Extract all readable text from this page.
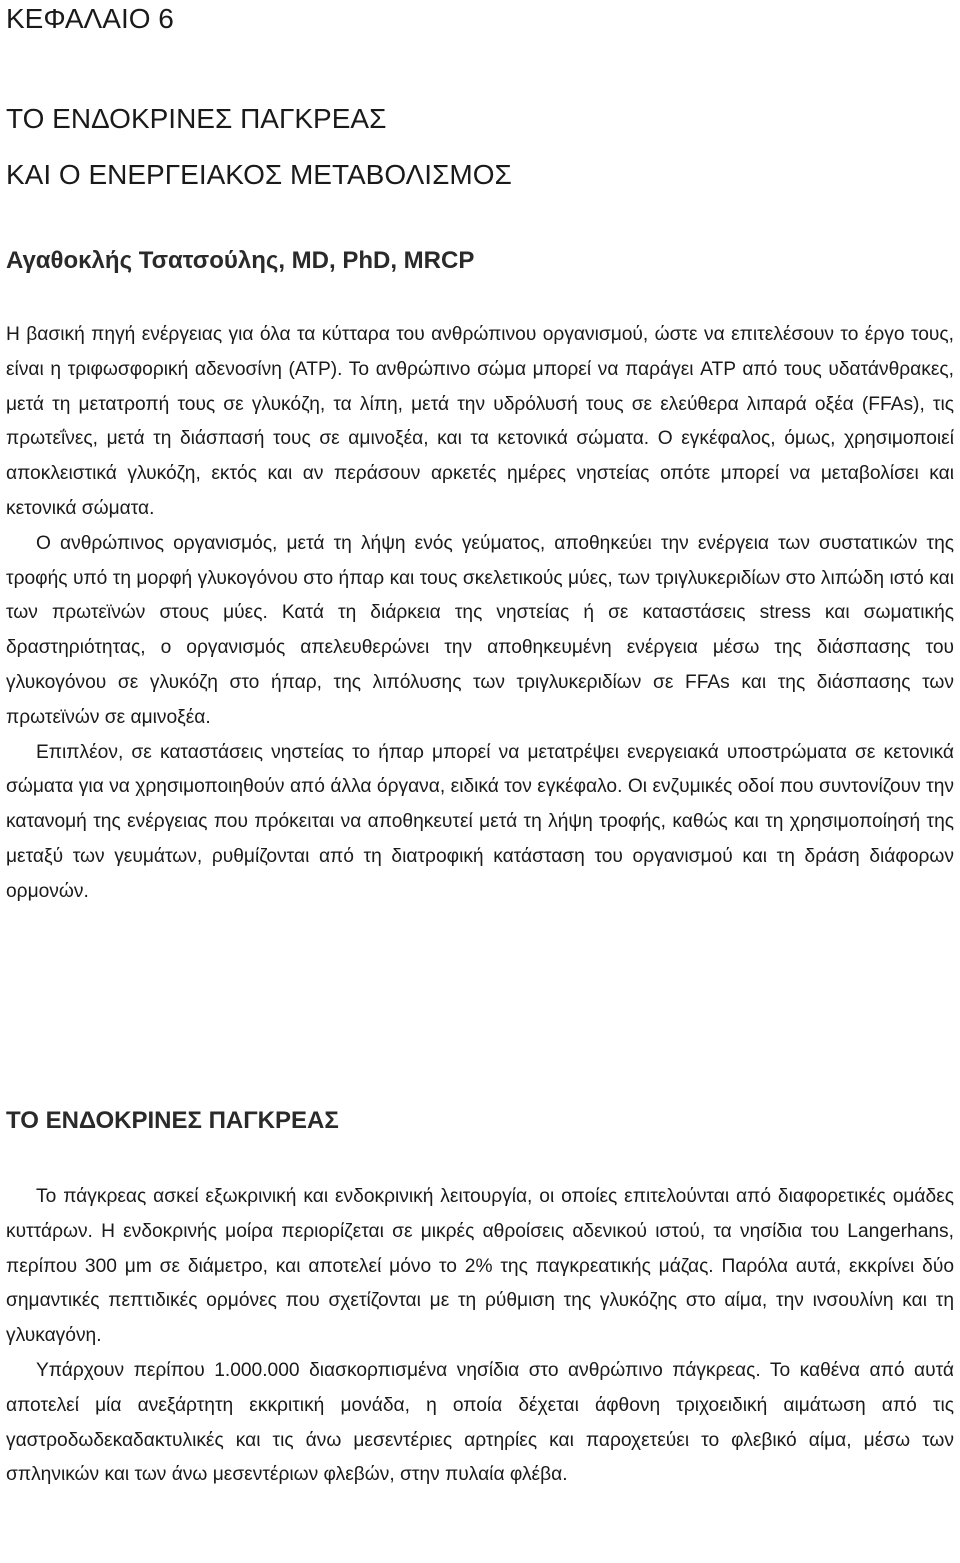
ΚΕΦΑΛΑΙΟ 6
ΤΟ ΕΝΔΟΚΡΙΝΕΣ ΠΑΓΚΡΕΑΣ
ΚΑΙ Ο ΕΝΕΡΓΕΙΑΚΟΣ ΜΕΤΑΒΟΛΙΣΜΟΣ
Αγαθοκλής Τσατσούλης, MD, PhD, MRCP

Η βασική πηγή ενέργειας για όλα τα κύτταρα του ανθρώπινου οργανισμού, ώστε να επιτελέσουν το έργο τους, είναι η τριφωσφορική αδενοσίνη (ATP). Το ανθρώπινο σώμα μπορεί να παράγει ATP από τους υδατάνθρακες, μετά τη μετατροπή τους σε γλυκόζη, τα λίπη, μετά την υδρόλυσή τους σε ελεύθερα λιπαρά οξέα (FFAs), τις πρωτεΐνες, μετά τη διάσπασή τους σε αμινοξέα, και τα κετονικά σώματα. Ο εγκέφαλος, όμως, χρησιμοποιεί αποκλειστικά γλυκόζη, εκτός και αν περάσουν αρκετές ημέρες νηστείας οπότε μπορεί να μεταβολίσει και κετονικά σώματα.

Ο ανθρώπινος οργανισμός, μετά τη λήψη ενός γεύματος, αποθηκεύει την ενέργεια των συστατικών της τροφής υπό τη μορφή γλυκογόνου στο ήπαρ και τους σκελετικούς μύες, των τριγλυκεριδίων στο λιπώδη ιστό και των πρωτεϊνών στους μύες. Κατά τη διάρκεια της νηστείας ή σε καταστάσεις stress και σωματικής δραστηριότητας, ο οργανισμός απελευθερώνει την αποθηκευμένη ενέργεια μέσω της διάσπασης του γλυκογόνου σε γλυκόζη στο ήπαρ, της λιπόλυσης των τριγλυκεριδίων σε FFAs και της διάσπασης των πρωτεϊνών σε αμινοξέα.

Επιπλέον, σε καταστάσεις νηστείας το ήπαρ μπορεί να μετατρέψει ενεργειακά υποστρώματα σε κετονικά σώματα για να χρησιμοποιηθούν από άλλα όργανα, ειδικά τον εγκέφαλο. Οι ενζυμικές οδοί που συντονίζουν την κατανομή της ενέργειας που πρόκειται να αποθηκευτεί μετά τη λήψη τροφής, καθώς και τη χρησιμοποίησή της μεταξύ των γευμάτων, ρυθμίζονται από τη διατροφική κατάσταση του οργανισμού και τη δράση διάφορων ορμονών.

ΤΟ ΕΝΔΟΚΡΙΝΕΣ ΠΑΓΚΡΕΑΣ

Το πάγκρεας ασκεί εξωκρινική και ενδοκρινική λειτουργία, οι οποίες επιτελούνται από διαφορετικές ομάδες κυττάρων. Η ενδοκρινής μοίρα περιορίζεται σε μικρές αθροίσεις αδενικού ιστού, τα νησίδια του Langerhans, περίπου 300 μm σε διάμετρο, και αποτελεί μόνο το 2% της παγκρεατικής μάζας. Παρόλα αυτά, εκκρίνει δύο σημαντικές πεπτιδικές ορμόνες που σχετίζονται με τη ρύθμιση της γλυκόζης στο αίμα, την ινσουλίνη και τη γλυκαγόνη.

Υπάρχουν περίπου 1.000.000 διασκορπισμένα νησίδια στο ανθρώπινο πάγκρεας. Το καθένα από αυτά αποτελεί μία ανεξάρτητη εκκριτική μονάδα, η οποία δέχεται άφθονη τριχοειδική αιμάτωση από τις γαστροδωδεκαδακτυλικές και τις άνω μεσεντέριες αρτηρίες και παροχετεύει το φλεβικό αίμα, μέσω των σπληνικών και των άνω μεσεντέριων φλεβών, στην πυλαία φλέβα.
